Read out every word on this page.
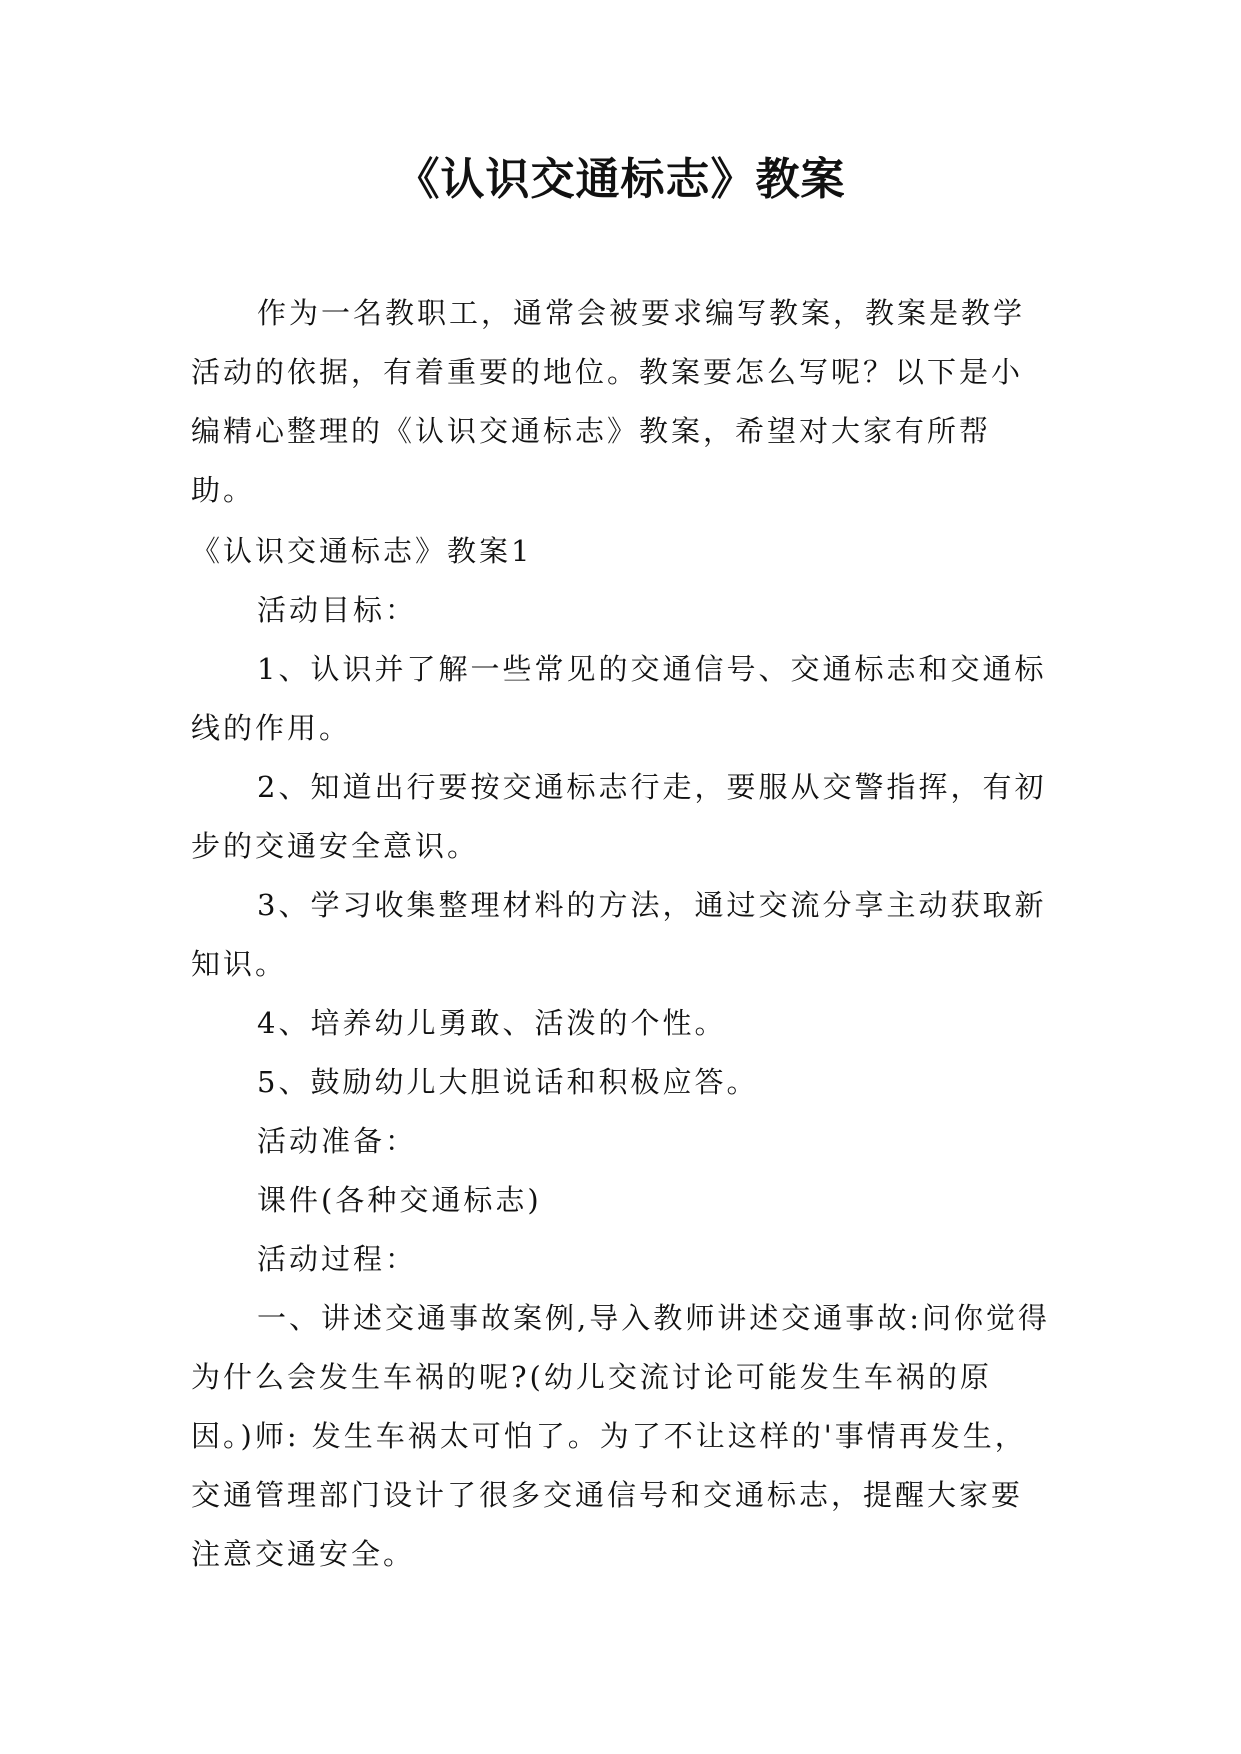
《认识交通标志》教案

作为一名教职工，通常会被要求编写教案，教案是教学活动的依据，有着重要的地位。教案要怎么写呢？以下是小编精心整理的《认识交通标志》教案，希望对大家有所帮助。

《认识交通标志》教案1

活动目标：

1、认识并了解一些常见的交通信号、交通标志和交通标线的作用。

2、知道出行要按交通标志行走，要服从交警指挥，有初步的交通安全意识。

3、学习收集整理材料的方法，通过交流分享主动获取新知识。

4、培养幼儿勇敢、活泼的个性。

5、鼓励幼儿大胆说话和积极应答。

活动准备：

课件(各种交通标志)

活动过程：

一、讲述交通事故案例,导入教师讲述交通事故:问你觉得为什么会发生车祸的呢?(幼儿交流讨论可能发生车祸的原因。)师: 发生车祸太可怕了。为了不让这样的'事情再发生，交通管理部门设计了很多交通信号和交通标志，提醒大家要注意交通安全。
